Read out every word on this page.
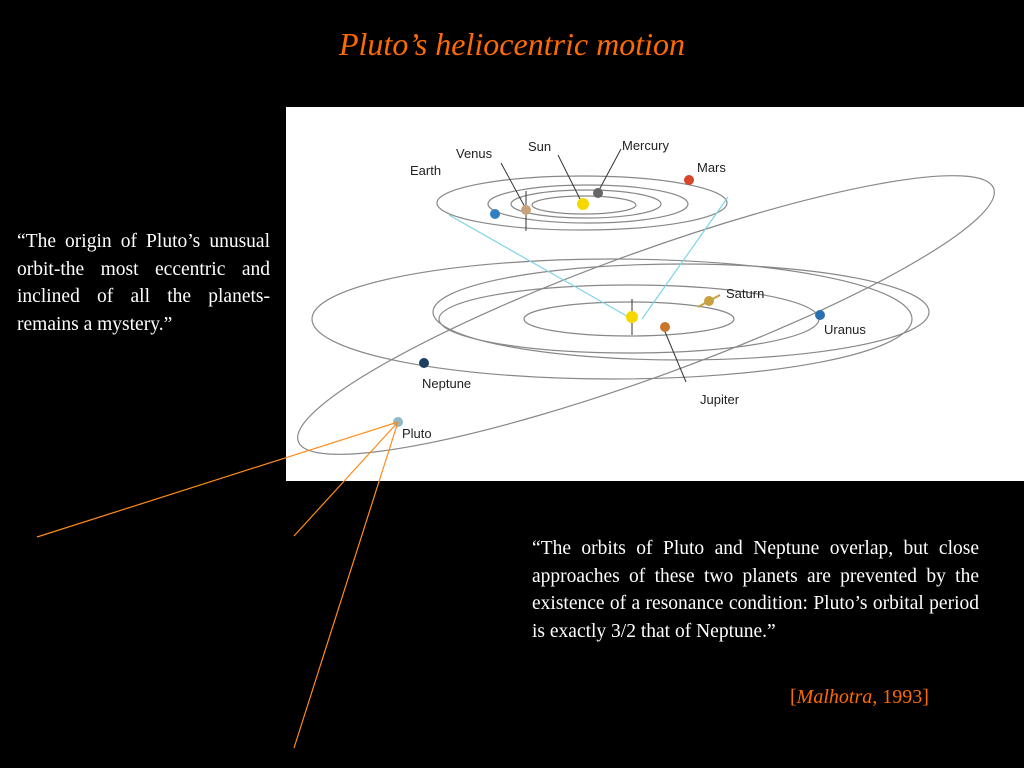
Pluto’s heliocentric motion

“The origin of Pluto’s unusual orbit-the most eccentric and inclined of all the planets-remains a mystery.”

Earth
Venus	Sun	Mercury
Mars
Saturn
Uranus
Neptune
Jupiter
Pluto

“The orbits of Pluto and Neptune overlap, but close approaches of these two planets are prevented by the existence of a resonance condition: Pluto’s orbital period is exactly 3/2 that of Neptune.”

[Malhotra, 1993]
